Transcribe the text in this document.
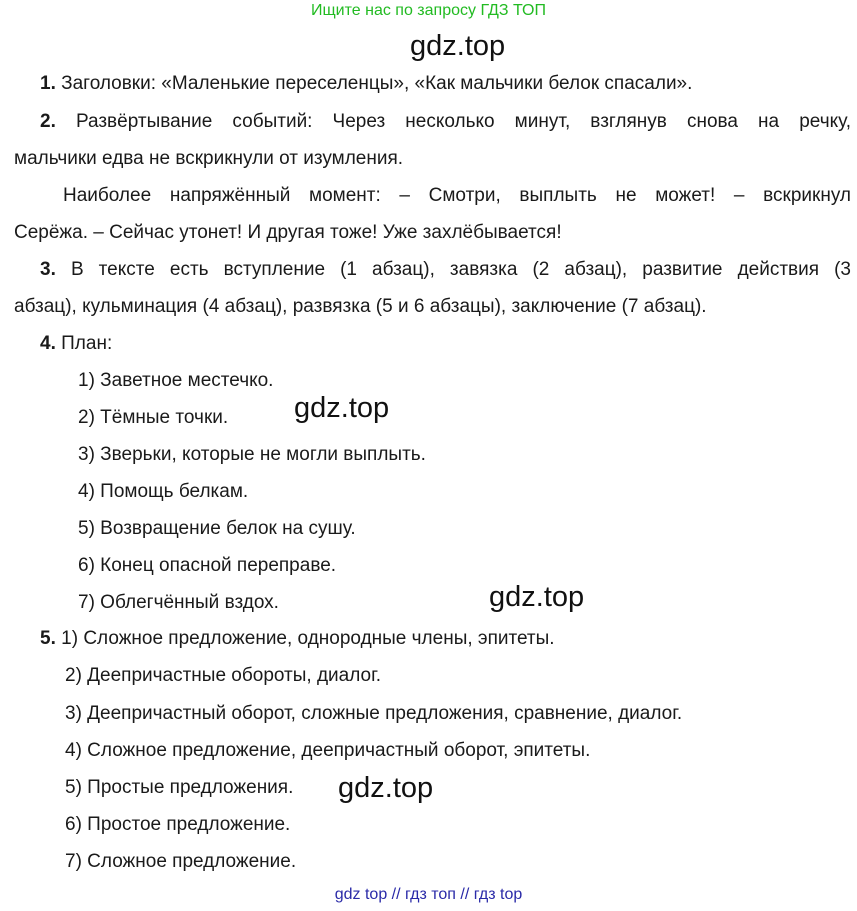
Ищите нас по запросу ГДЗ ТОП
gdz.top
gdz.top
gdz.top
gdz.top
1. Заголовки: «Маленькие переселенцы», «Как мальчики белок спасали».
2. Развёртывание событий: Через несколько минут, взглянув снова на речку,
мальчики едва не вскрикнули от изумления.
Наиболее напряжённый момент: – Смотри, выплыть не может! – вскрикнул
Серёжа. – Сейчас утонет! И другая тоже! Уже захлёбывается!
3. В тексте есть вступление (1 абзац), завязка (2 абзац), развитие действия (3
абзац), кульминация (4 абзац), развязка (5 и 6 абзацы), заключение (7 абзац).
4. План:
1) Заветное местечко.
2) Тёмные точки.
3) Зверьки, которые не могли выплыть.
4) Помощь белкам.
5) Возвращение белок на сушу.
6) Конец опасной переправе.
7) Облегчённый вздох.
5. 1) Сложное предложение, однородные члены, эпитеты.
2) Деепричастные обороты, диалог.
3) Деепричастный оборот, сложные предложения, сравнение, диалог.
4) Сложное предложение, деепричастный оборот, эпитеты.
5) Простые предложения.
6) Простое предложение.
7) Сложное предложение.
gdz top // гдз топ // гдз top
